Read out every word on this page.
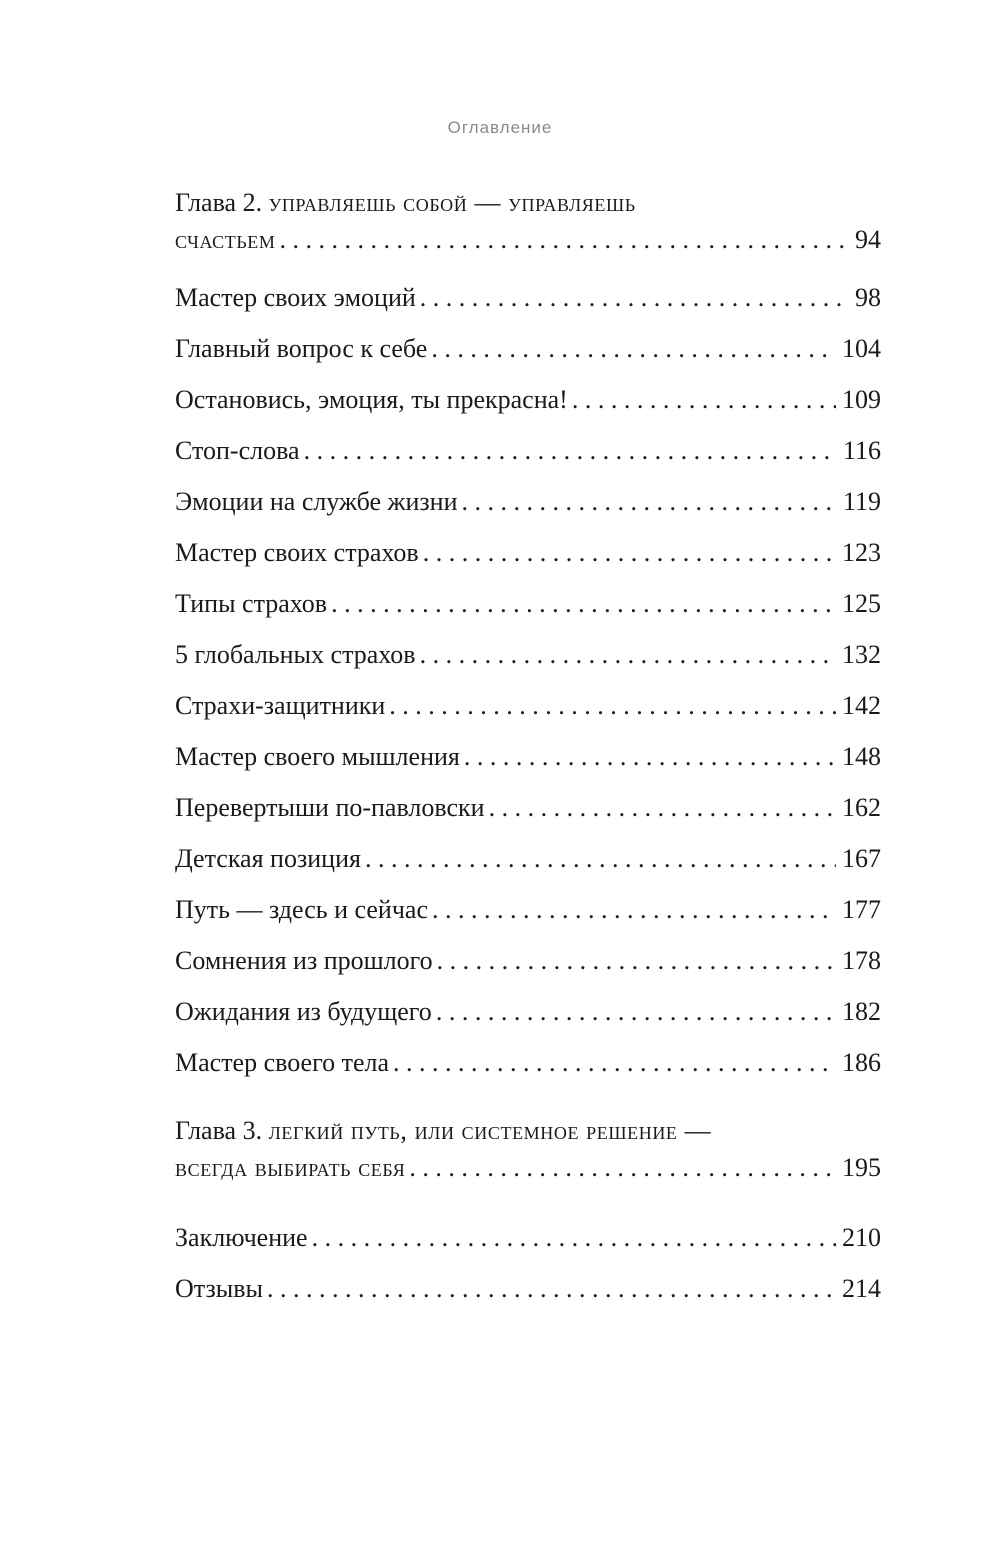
Оглавление
Глава 2. управляешь собой — управляешь
счастьем . . .	94
Мастер своих эмоций . . .	98
Главный вопрос к себе . . .	104
Остановись, эмоция, ты прекрасна! . . .	109
Стоп-слова . . .	116
Эмоции на службе жизни . . .	119
Мастер своих страхов . . .	123
Типы страхов . . .	125
5 глобальных страхов . . .	132
Страхи-защитники . . .	142
Мастер своего мышления . . .	148
Перевертыши по-павловски . . .	162
Детская позиция . . .	167
Путь — здесь и сейчас . . .	177
Сомнения из прошлого . . .	178
Ожидания из будущего . . .	182
Мастер своего тела . . .	186
Глава 3. легкий путь, или системное решение —
всегда выбирать себя . . .	195
Заключение . . .	210
Отзывы . . .	214
